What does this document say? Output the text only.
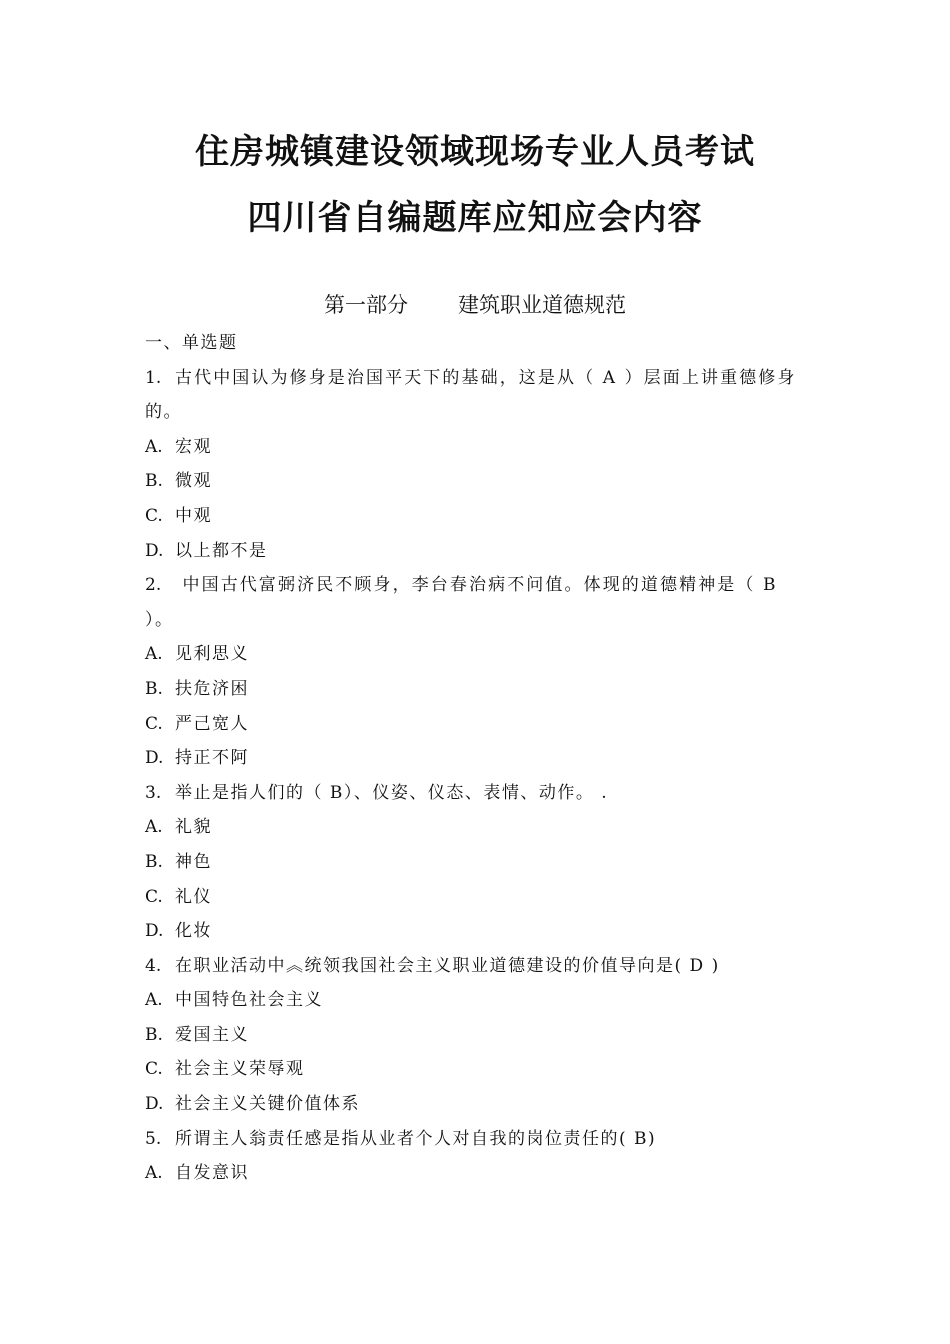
住房城镇建设领域现场专业人员考试
四川省自编题库应知应会内容
第一部分 建筑职业道德规范
一、单选题
1. 古代中国认为修身是治国平天下的基础，这是从（ A ）层面上讲重德修身
的。
A. 宏观
B. 微观
C. 中观
D. 以上都不是
2. 中国古代富弼济民不顾身，李台春治病不问值。体现的道德精神是（ B
）。
A. 见利思义
B. 扶危济困
C. 严己宽人
D. 持正不阿
3. 举止是指人们的（ B）、仪姿、仪态、表情、动作。 .
A. 礼貌
B. 神色
C. 礼仪
D. 化妆
4. 在职业活动中︽统领我国社会主义职业道德建设的价值导向是( D )
A. 中国特色社会主义
B. 爱国主义
C. 社会主义荣辱观
D. 社会主义关键价值体系
5. 所谓主人翁责任感是指从业者个人对自我的岗位责任的( B)
A. 自发意识
